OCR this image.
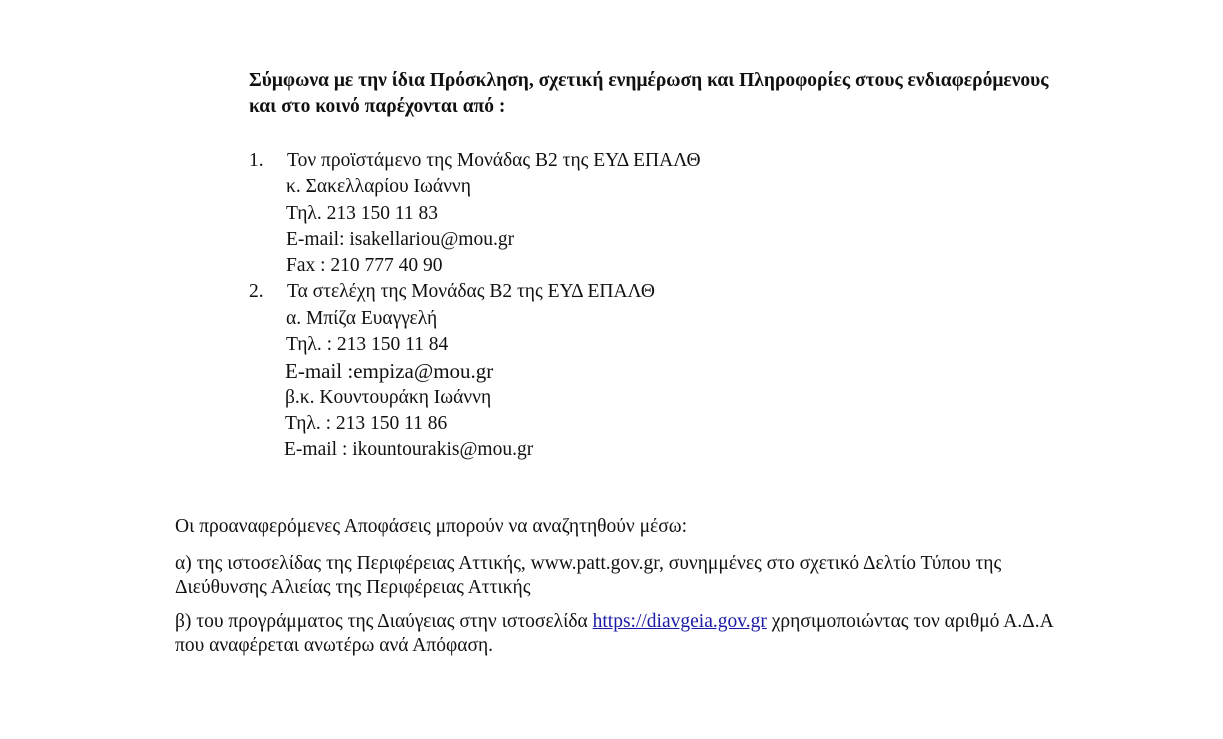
Σύμφωνα με την ίδια Πρόσκληση, σχετική ενημέρωση και Πληροφορίες στους ενδιαφερόμενους και στο κοινό παρέχονται από :
1.	Τον προϊστάμενο της Μονάδας Β2 της ΕΥΔ ΕΠΑΛΘ
κ. Σακελλαρίου Ιωάννη
Τηλ. 213 150 11 83
E-mail: isakellariou@mou.gr
Fax : 210 777 40 90
2.	Τα στελέχη της Μονάδας Β2 της ΕΥΔ ΕΠΑΛΘ
α. Μπίζα Ευαγγελή
Τηλ. : 213 150 11 84
E-mail :empiza@mou.gr
β.κ. Κουντουράκη Ιωάννη
Τηλ. : 213 150 11 86
E-mail : ikountourakis@mou.gr

Οι προαναφερόμενες Αποφάσεις μπορούν να αναζητηθούν μέσω:

α) της ιστοσελίδας της Περιφέρειας Αττικής, www.patt.gov.gr, συνημμένες στο σχετικό Δελτίο Τύπου της Διεύθυνσης Αλιείας της Περιφέρειας Αττικής

β) του προγράμματος της Διαύγειας στην ιστοσελίδα https://diavgeia.gov.gr χρησιμοποιώντας τον αριθμό Α.Δ.Α που αναφέρεται ανωτέρω ανά Απόφαση.
